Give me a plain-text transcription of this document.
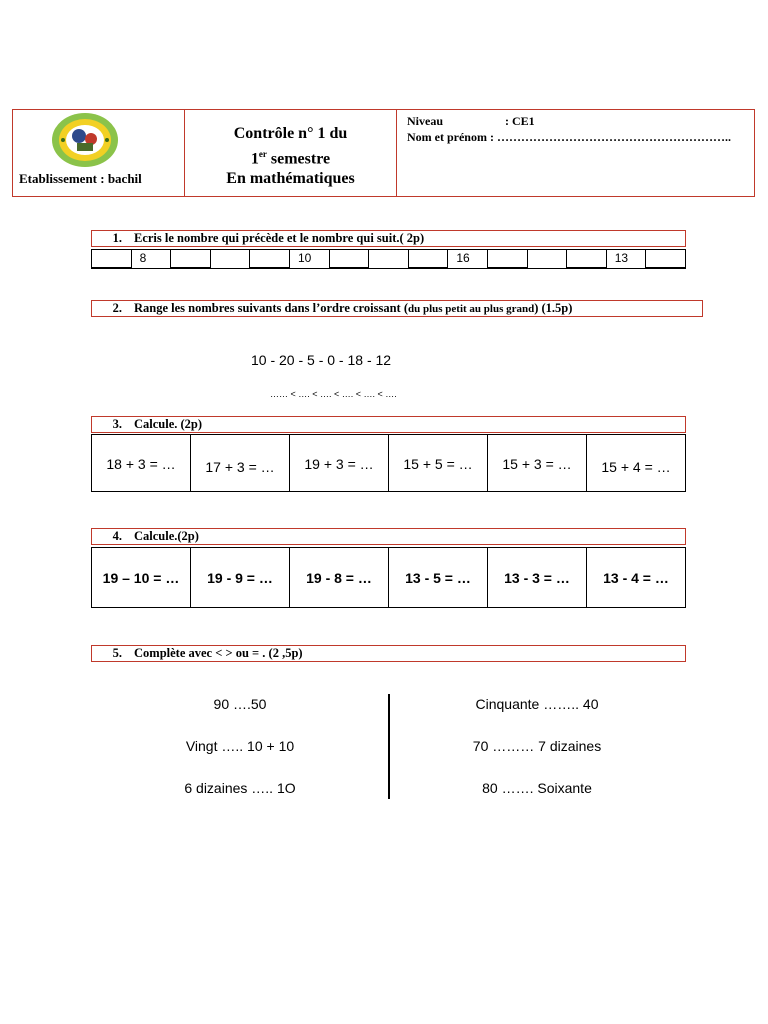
Etablissement : bachil
Contrôle n° 1 du
1er semestre
En mathématiques
Niveau	: CE1
Nom et prénom : …………………………………………………..
1. Ecris le nombre qui précède et le nombre qui suit.( 2p)
8	10	16	13
2. Range les nombres suivants dans l’ordre croissant (du plus petit au plus grand) (1.5p)
10 - 20 - 5 - 0 - 18 - 12
…… < …. < …. < …. < …. < ….
3. Calcule. (2p)
18 + 3 = …	17 + 3 = …	19 + 3 = …	15 + 5 = …	15 + 3 = …	15 + 4 = …
4. Calcule.(2p)
19 – 10 = …	19 - 9 = …	19 - 8 = …	13 - 5 = …	13 - 3 = …	13 - 4 = …
5. Complète avec < > ou = . (2 ,5p)
90 ….50
Vingt ….. 10 + 10
6 dizaines ….. 1O
Cinquante …….. 40
70 ……… 7 dizaines
80 ……. Soixante
